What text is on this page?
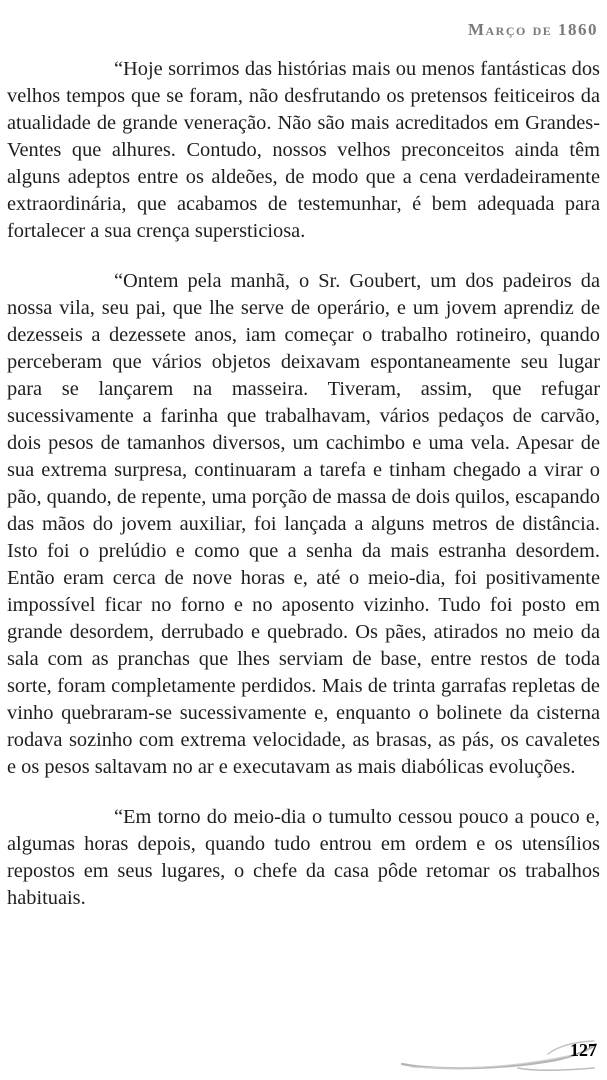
Março de 1860

“Hoje sorrimos das histórias mais ou menos fantásticas dos velhos tempos que se foram, não desfrutando os pretensos feiticeiros da atualidade de grande veneração. Não são mais acreditados em Grandes-Ventes que alhures. Contudo, nossos velhos preconceitos ainda têm alguns adeptos entre os aldeões, de modo que a cena verdadeiramente extraordinária, que acabamos de testemunhar, é bem adequada para fortalecer a sua crença supersticiosa.

“Ontem pela manhã, o Sr. Goubert, um dos padeiros da nossa vila, seu pai, que lhe serve de operário, e um jovem aprendiz de dezesseis a dezessete anos, iam começar o trabalho rotineiro, quando perceberam que vários objetos deixavam espontaneamente seu lugar para se lançarem na masseira. Tiveram, assim, que refugar sucessivamente a farinha que trabalhavam, vários pedaços de carvão, dois pesos de tamanhos diversos, um cachimbo e uma vela. Apesar de sua extrema surpresa, continuaram a tarefa e tinham chegado a virar o pão, quando, de repente, uma porção de massa de dois quilos, escapando das mãos do jovem auxiliar, foi lançada a alguns metros de distância. Isto foi o prelúdio e como que a senha da mais estranha desordem. Então eram cerca de nove horas e, até o meio-dia, foi positivamente impossível ficar no forno e no aposento vizinho. Tudo foi posto em grande desordem, derrubado e quebrado. Os pães, atirados no meio da sala com as pranchas que lhes serviam de base, entre restos de toda sorte, foram completamente perdidos. Mais de trinta garrafas repletas de vinho quebraram-se sucessivamente e, enquanto o bolinete da cisterna rodava sozinho com extrema velocidade, as brasas, as pás, os cavaletes e os pesos saltavam no ar e executavam as mais diabólicas evoluções.

“Em torno do meio-dia o tumulto cessou pouco a pouco e, algumas horas depois, quando tudo entrou em ordem e os utensílios repostos em seus lugares, o chefe da casa pôde retomar os trabalhos habituais.

127
